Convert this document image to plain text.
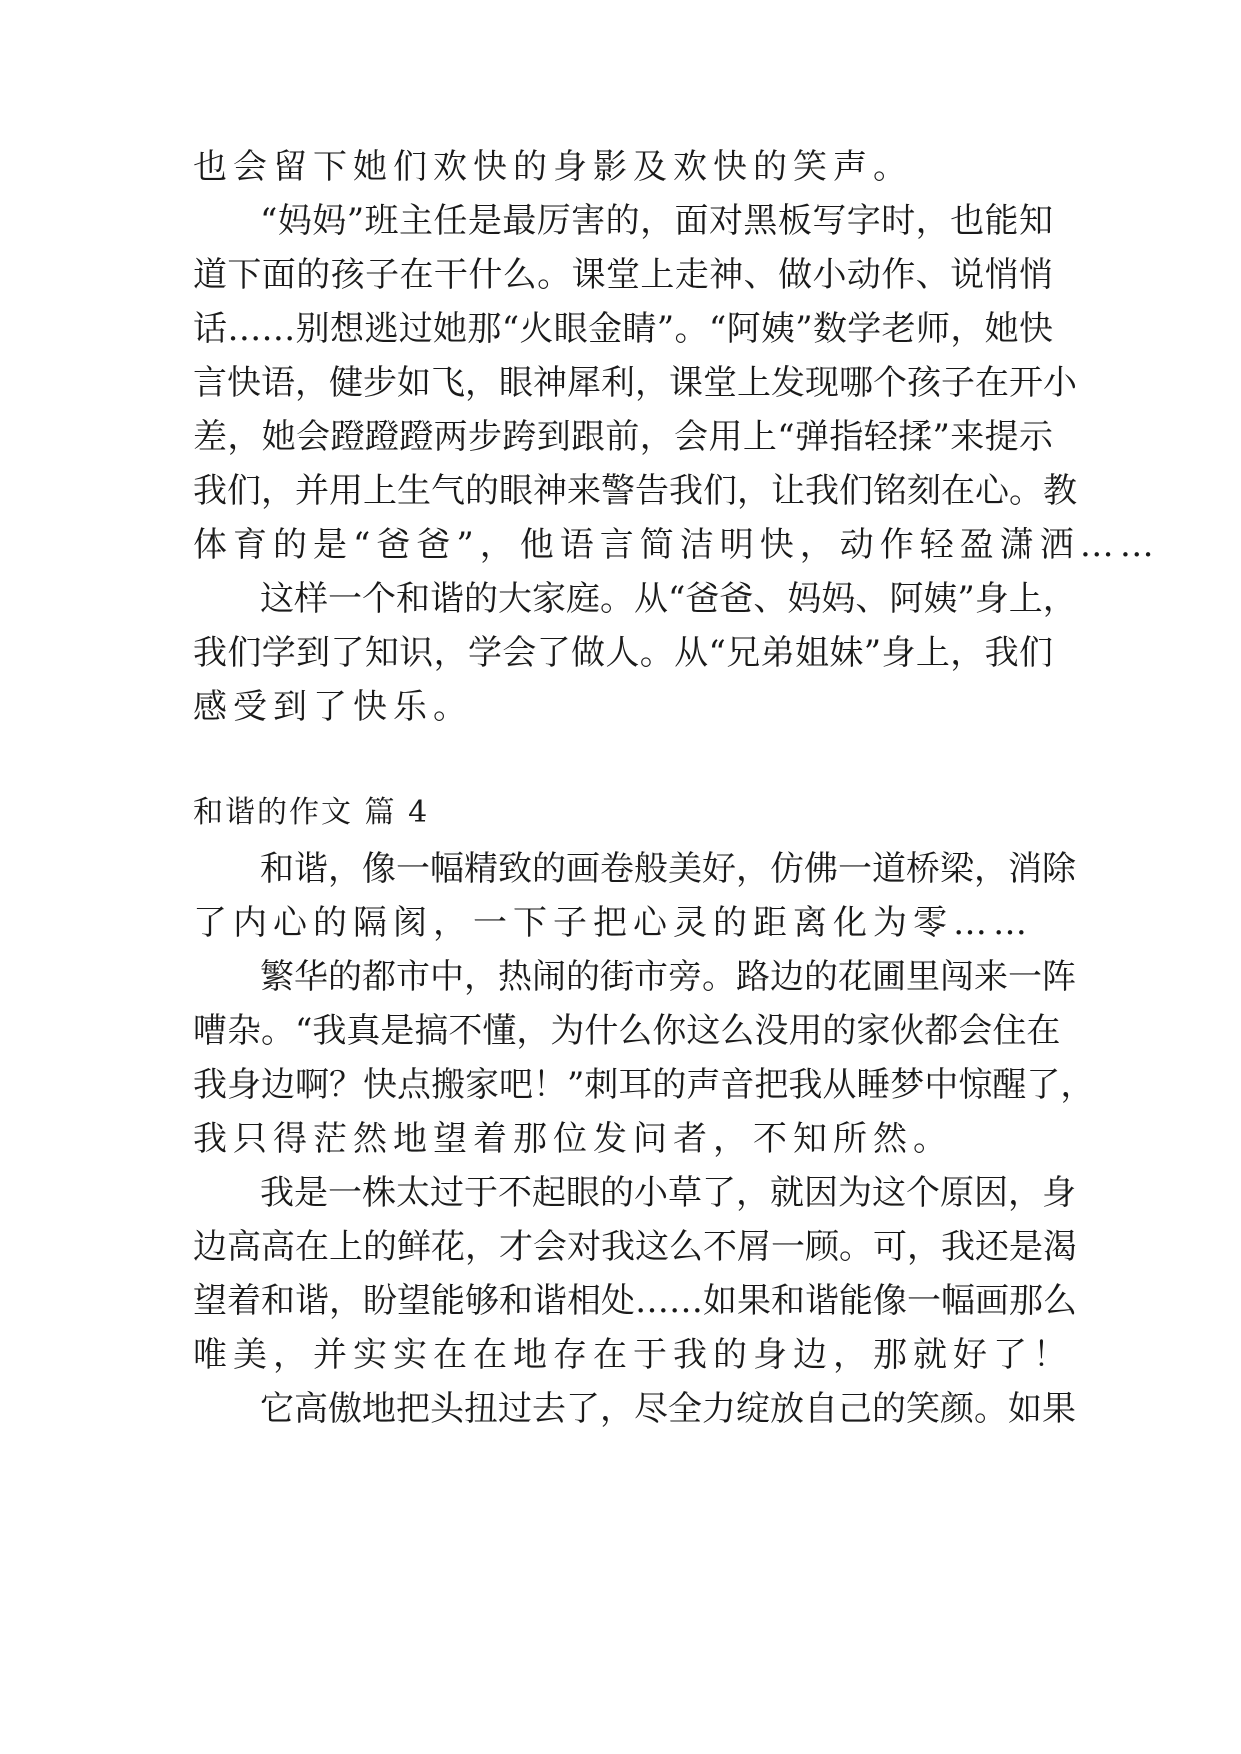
也会留下她们欢快的身影及欢快的笑声。
“妈妈”班主任是最厉害的，面对黑板写字时，也能知
道下面的孩子在干什么。课堂上走神、做小动作、说悄悄
话……别想逃过她那“火眼金睛”。“阿姨”数学老师，她快
言快语，健步如飞，眼神犀利，课堂上发现哪个孩子在开小
差，她会蹬蹬蹬两步跨到跟前，会用上“弹指轻揉”来提示
我们，并用上生气的眼神来警告我们，让我们铭刻在心。教
体育的是“爸爸”，他语言简洁明快，动作轻盈潇洒……
这样一个和谐的大家庭。从“爸爸、妈妈、阿姨”身上，
我们学到了知识，学会了做人。从“兄弟姐妹”身上，我们
感受到了快乐。
和谐的作文 篇 4
和谐，像一幅精致的画卷般美好，仿佛一道桥梁，消除
了内心的隔阂，一下子把心灵的距离化为零……
繁华的都市中，热闹的街市旁。路边的花圃里闯来一阵
嘈杂。“我真是搞不懂，为什么你这么没用的家伙都会住在
我身边啊？快点搬家吧！”刺耳的声音把我从睡梦中惊醒了，
我只得茫然地望着那位发问者，不知所然。
我是一株太过于不起眼的小草了，就因为这个原因，身
边高高在上的鲜花，才会对我这么不屑一顾。可，我还是渴
望着和谐，盼望能够和谐相处……如果和谐能像一幅画那么
唯美，并实实在在地存在于我的身边，那就好了！
它高傲地把头扭过去了，尽全力绽放自己的笑颜。如果
